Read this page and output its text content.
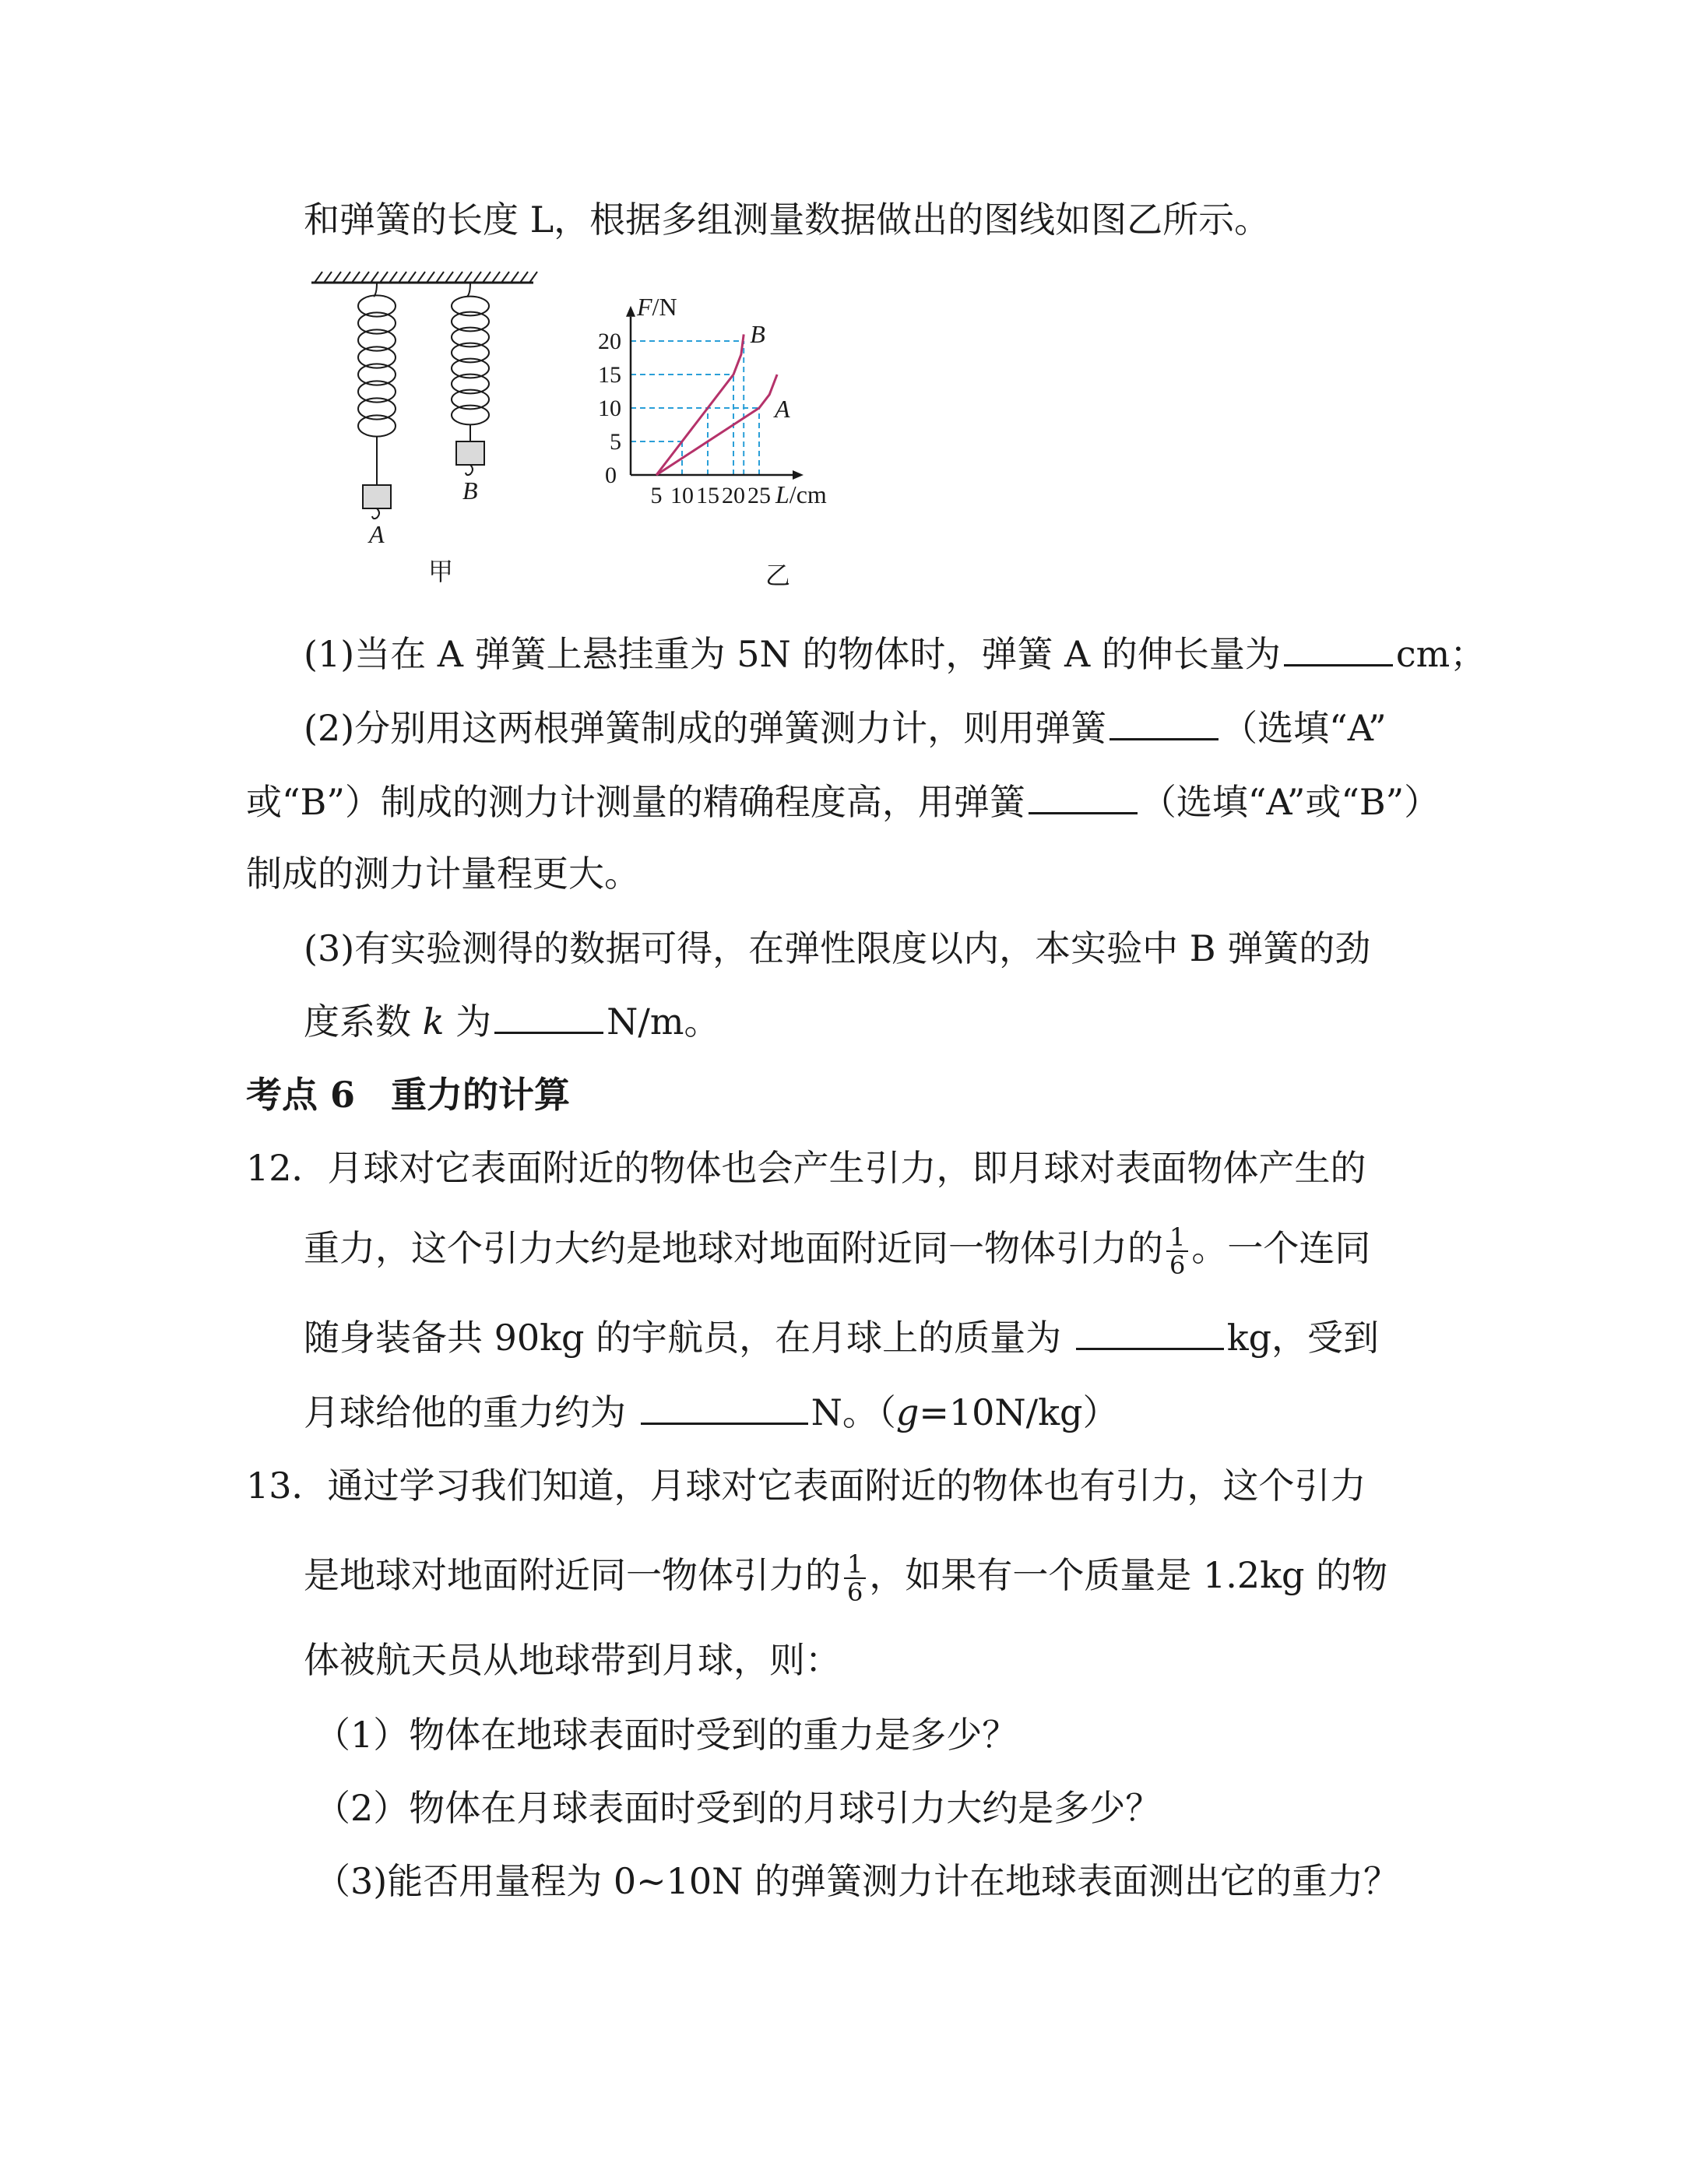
和弹簧的长度 L，根据多组测量数据做出的图线如图乙所示。
A
B
甲
5 10 15 20 25
5
10
15
20
F/N
L/cm
0
A
B
乙
(1)当在 A 弹簧上悬挂重为 5N 的物体时，弹簧 A 的伸长量为	cm；
(2)分别用这两根弹簧制成的弹簧测力计，则用弹簧	（选填“A”
或“B”）制成的测力计测量的精确程度高，用弹簧	（选填“A”或“B”）
制成的测力计量程更大。
(3)有实验测得的数据可得，在弹性限度以内，本实验中 B 弹簧的劲
度系数 k 为	N/m。
考点 6　重力的计算
12．月球对它表面附近的物体也会产生引力，即月球对表面物体产生的
重力，这个引力大约是地球对地面附近同一物体引力的 $\frac{1}{6}$ 。一个连同
随身装备共 90kg 的宇航员，在月球上的质量为	kg，受到
月球给他的重力约为	N。（g=10N/kg）
13．通过学习我们知道，月球对它表面附近的物体也有引力，这个引力
是地球对地面附近同一物体引力的 $\frac{1}{6}$ ，如果有一个质量是 1.2kg 的物
体被航天员从地球带到月球，则：
（1）物体在地球表面时受到的重力是多少？
（2）物体在月球表面时受到的月球引力大约是多少？
（3)能否用量程为 0~10N 的弹簧测力计在地球表面测出它的重力？
